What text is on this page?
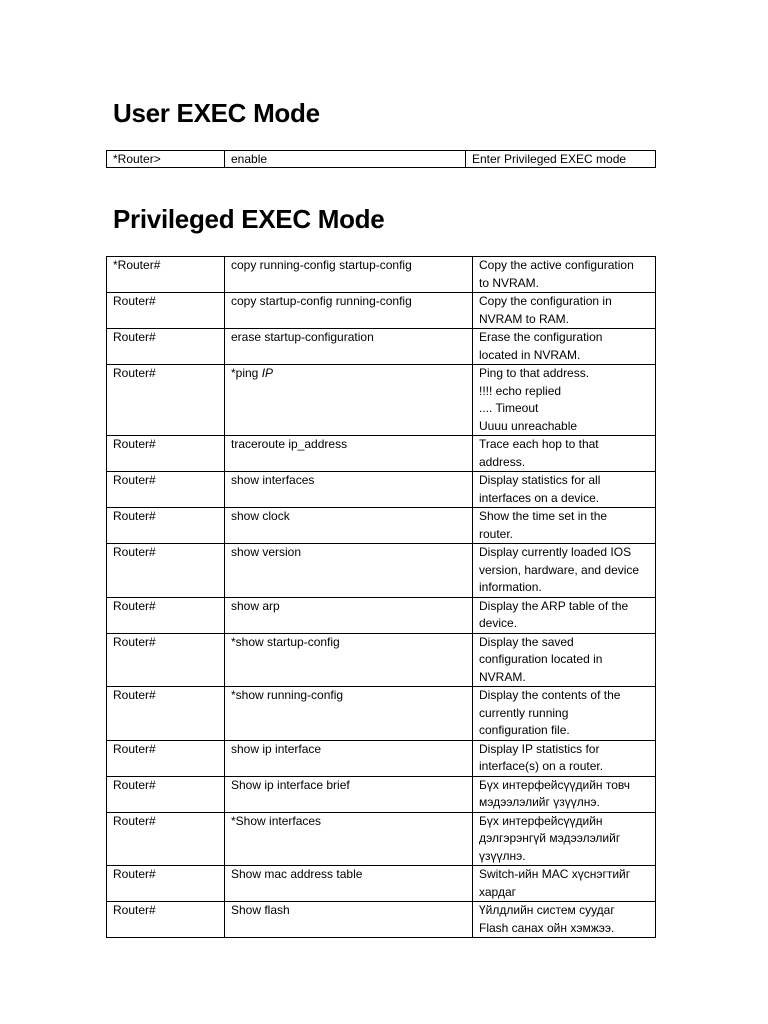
User EXEC Mode
*Router>	enable	Enter Privileged EXEC mode
Privileged EXEC Mode
*Router#	copy running-config startup-config	Copy the active configuration
to NVRAM.

Router#	copy startup-config running-config	Copy the configuration in
NVRAM to RAM.

Router#	erase startup-configuration	Erase the configuration
located in NVRAM.

Router#	*ping IP	Ping to that address.
!!!! echo replied
.... Timeout
Uuuu unreachable

Router#	traceroute ip_address	Trace each hop to that
address.

Router#	show interfaces	Display statistics for all
interfaces on a device.

Router#	show clock	Show the time set in the
router.

Router#	show version	Display currently loaded IOS
version, hardware, and device
information.

Router#	show arp	Display the ARP table of the
device.

Router#	*show startup-config	Display the saved
configuration located in
NVRAM.

Router#	*show running-config	Display the contents of the
currently running
configuration file.

Router#	show ip interface	Display IP statistics for
interface(s) on a router.

Router#	Show ip interface brief	Бүх интерфейсүүдийн товч
мэдээлэлийг үзүүлнэ.

Router#	*Show interfaces	Бүх интерфейсүүдийн
дэлгэрэнгүй мэдээлэлийг
үзүүлнэ.

Router#	Show mac address table	Switch-ийн MAC хүснэгтийг
хардаг

Router#	Show flash	Үйлдлийн систем суудаг
Flash санах ойн хэмжээ.
